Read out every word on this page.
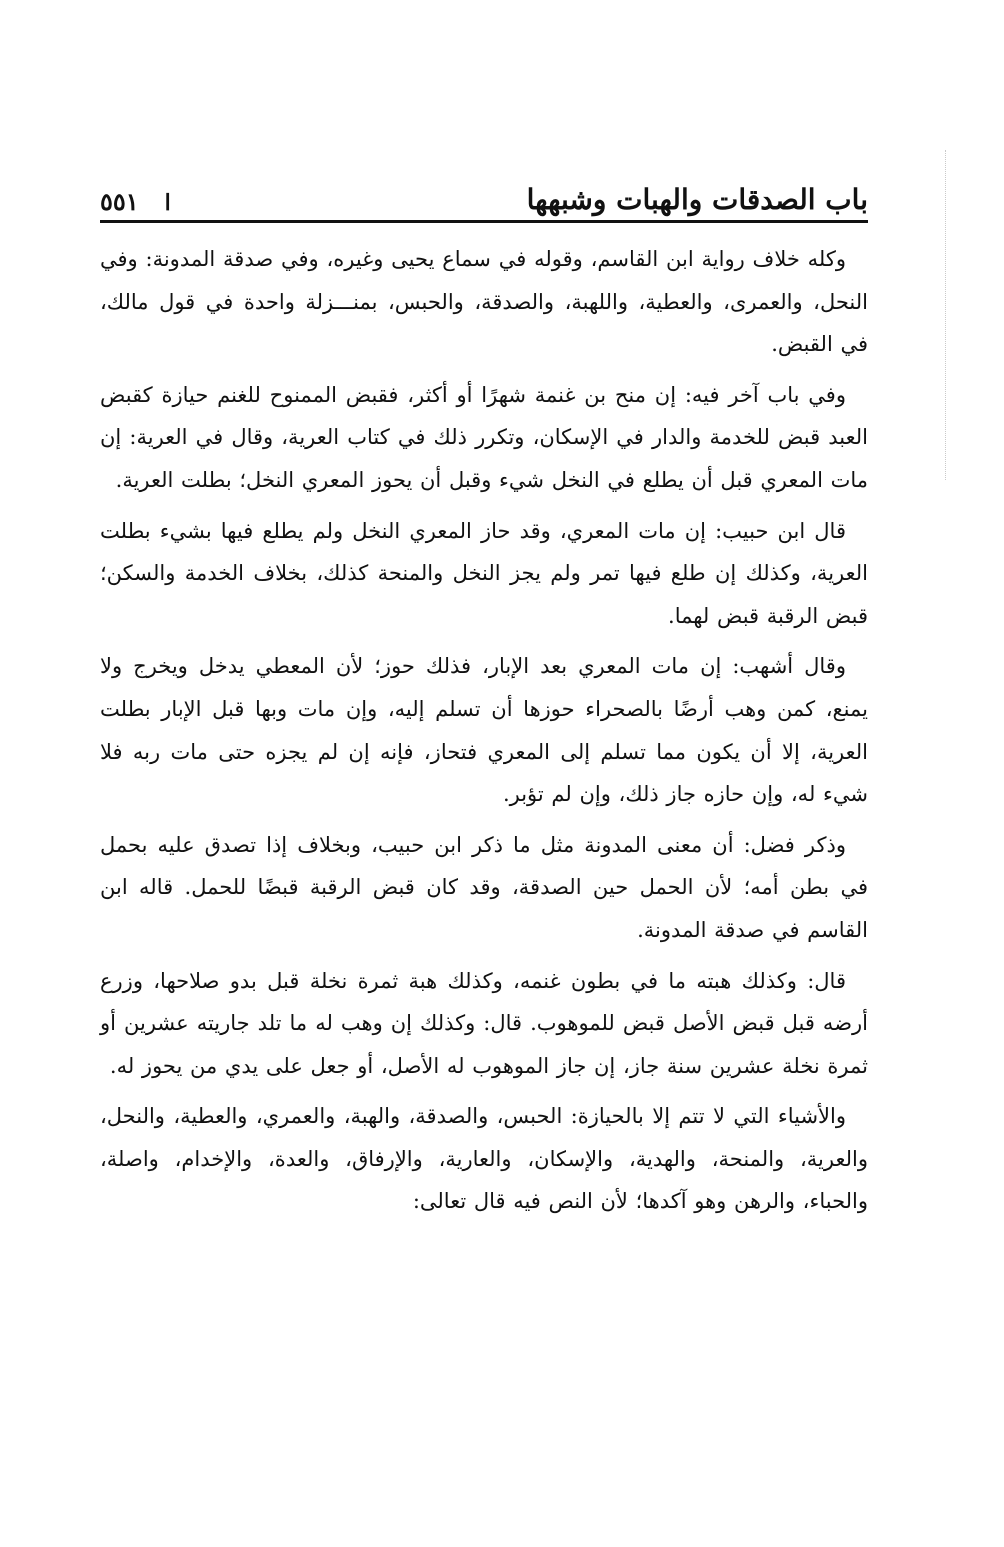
باب الصدقات والهبات وشبهها
ا
٥٥١

وكله خلاف رواية ابن القاسم، وقوله في سماع يحيى وغيره، وفي صدقة المدونة: وفي النحل، والعمرى، والعطية، واللهبة، والصدقة، والحبس، بمنـــزلة واحدة في قول مالك، في القبض.

وفي باب آخر فيه: إن منح بن غنمة شهرًا أو أكثر، فقبض الممنوح للغنم حيازة كقبض العبد قبض للخدمة والدار في الإسكان، وتكرر ذلك في كتاب العرية، وقال في العرية: إن مات المعري قبل أن يطلع في النخل شيء وقبل أن يحوز المعري النخل؛ بطلت العرية.

قال ابن حبيب: إن مات المعري، وقد حاز المعري النخل ولم يطلع فيها بشيء بطلت العرية، وكذلك إن طلع فيها تمر ولم يجز النخل والمنحة كذلك، بخلاف الخدمة والسكن؛ قبض الرقبة قبض لهما.

وقال أشهب: إن مات المعري بعد الإبار، فذلك حوز؛ لأن المعطي يدخل ويخرج ولا يمنع، كمن وهب أرضًا بالصحراء حوزها أن تسلم إليه، وإن مات وبها قبل الإبار بطلت العرية، إلا أن يكون مما تسلم إلى المعري فتحاز، فإنه إن لم يجزه حتى مات ربه فلا شيء له، وإن حازه جاز ذلك، وإن لم تؤبر.

وذكر فضل: أن معنى المدونة مثل ما ذكر ابن حبيب، وبخلاف إذا تصدق عليه بحمل في بطن أمه؛ لأن الحمل حين الصدقة، وقد كان قبض الرقبة قبضًا للحمل. قاله ابن القاسم في صدقة المدونة.

قال: وكذلك هبته ما في بطون غنمه، وكذلك هبة ثمرة نخلة قبل بدو صلاحها، وزرع أرضه قبل قبض الأصل قبض للموهوب. قال: وكذلك إن وهب له ما تلد جاريته عشرين أو ثمرة نخلة عشرين سنة جاز، إن جاز الموهوب له الأصل، أو جعل على يدي من يحوز له.

والأشياء التي لا تتم إلا بالحيازة: الحبس، والصدقة، والهبة، والعمري، والعطية، والنحل، والعرية، والمنحة، والهدية، والإسكان، والعارية، والإرفاق، والعدة، والإخدام، واصلة، والحباء، والرهن وهو آكدها؛ لأن النص فيه قال تعالى:
